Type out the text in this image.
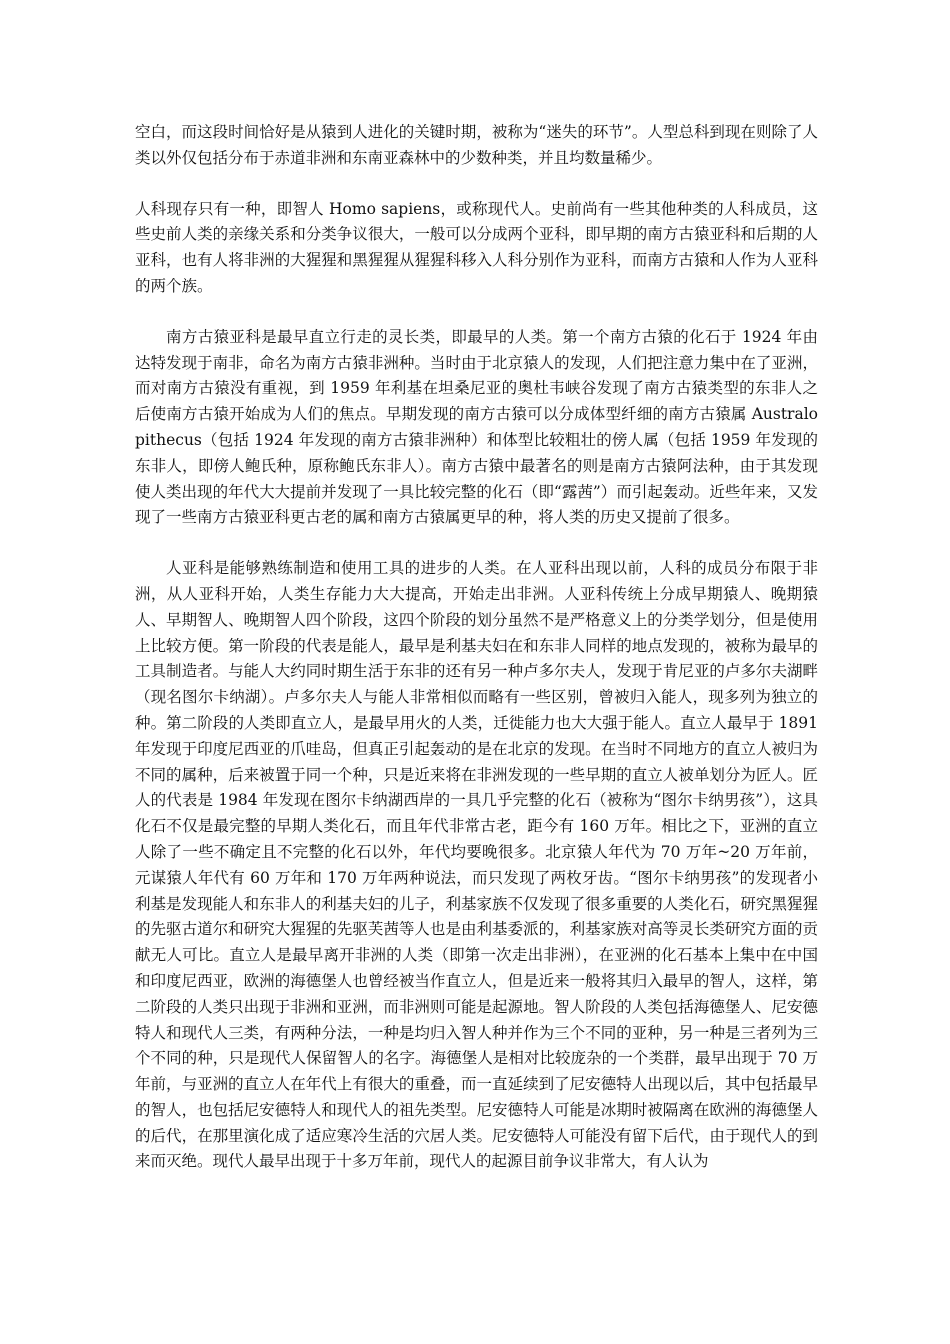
空白，而这段时间恰好是从猿到人进化的关键时期，被称为“迷失的环节”。人型总科到现在则除了人类以外仅包括分布于赤道非洲和东南亚森林中的少数种类，并且均数量稀少。

人科现存只有一种，即智人 Homo sapiens，或称现代人。史前尚有一些其他种类的人科成员，这些史前人类的亲缘关系和分类争议很大，一般可以分成两个亚科，即早期的南方古猿亚科和后期的人亚科，也有人将非洲的大猩猩和黑猩猩从猩猩科移入人科分别作为亚科，而南方古猿和人作为人亚科的两个族。

南方古猿亚科是最早直立行走的灵长类，即最早的人类。第一个南方古猿的化石于 1924 年由达特发现于南非，命名为南方古猿非洲种。当时由于北京猿人的发现，人们把注意力集中在了亚洲，而对南方古猿没有重视，到 1959 年利基在坦桑尼亚的奥杜韦峡谷发现了南方古猿类型的东非人之后使南方古猿开始成为人们的焦点。早期发现的南方古猿可以分成体型纤细的南方古猿属 Australopithecus（包括 1924 年发现的南方古猿非洲种）和体型比较粗壮的傍人属（包括 1959 年发现的东非人，即傍人鲍氏种，原称鲍氏东非人）。南方古猿中最著名的则是南方古猿阿法种，由于其发现使人类出现的年代大大提前并发现了一具比较完整的化石（即“露茜”）而引起轰动。近些年来，又发现了一些南方古猿亚科更古老的属和南方古猿属更早的种，将人类的历史又提前了很多。

人亚科是能够熟练制造和使用工具的进步的人类。在人亚科出现以前，人科的成员分布限于非洲，从人亚科开始，人类生存能力大大提高，开始走出非洲。人亚科传统上分成早期猿人、晚期猿人、早期智人、晚期智人四个阶段，这四个阶段的划分虽然不是严格意义上的分类学划分，但是使用上比较方便。第一阶段的代表是能人，最早是利基夫妇在和东非人同样的地点发现的，被称为最早的工具制造者。与能人大约同时期生活于东非的还有另一种卢多尔夫人，发现于肯尼亚的卢多尔夫湖畔（现名图尔卡纳湖）。卢多尔夫人与能人非常相似而略有一些区别，曾被归入能人，现多列为独立的种。第二阶段的人类即直立人，是最早用火的人类，迁徙能力也大大强于能人。直立人最早于 1891 年发现于印度尼西亚的爪哇岛，但真正引起轰动的是在北京的发现。在当时不同地方的直立人被归为不同的属种，后来被置于同一个种，只是近来将在非洲发现的一些早期的直立人被单划分为匠人。匠人的代表是 1984 年发现在图尔卡纳湖西岸的一具几乎完整的化石（被称为“图尔卡纳男孩”），这具化石不仅是最完整的早期人类化石，而且年代非常古老，距今有 160 万年。相比之下，亚洲的直立人除了一些不确定且不完整的化石以外，年代均要晚很多。北京猿人年代为 70 万年~20 万年前，元谋猿人年代有 60 万年和 170 万年两种说法，而只发现了两枚牙齿。“图尔卡纳男孩”的发现者小利基是发现能人和东非人的利基夫妇的儿子，利基家族不仅发现了很多重要的人类化石，研究黑猩猩的先驱古道尔和研究大猩猩的先驱芙茜等人也是由利基委派的，利基家族对高等灵长类研究方面的贡献无人可比。直立人是最早离开非洲的人类（即第一次走出非洲），在亚洲的化石基本上集中在中国和印度尼西亚，欧洲的海德堡人也曾经被当作直立人，但是近来一般将其归入最早的智人，这样，第二阶段的人类只出现于非洲和亚洲，而非洲则可能是起源地。智人阶段的人类包括海德堡人、尼安德特人和现代人三类，有两种分法，一种是均归入智人种并作为三个不同的亚种，另一种是三者列为三个不同的种，只是现代人保留智人的名字。海德堡人是相对比较庞杂的一个类群，最早出现于 70 万年前，与亚洲的直立人在年代上有很大的重叠，而一直延续到了尼安德特人出现以后，其中包括最早的智人，也包括尼安德特人和现代人的祖先类型。尼安德特人可能是冰期时被隔离在欧洲的海德堡人的后代，在那里演化成了适应寒冷生活的穴居人类。尼安德特人可能没有留下后代，由于现代人的到来而灭绝。现代人最早出现于十多万年前，现代人的起源目前争议非常大，有人认为
